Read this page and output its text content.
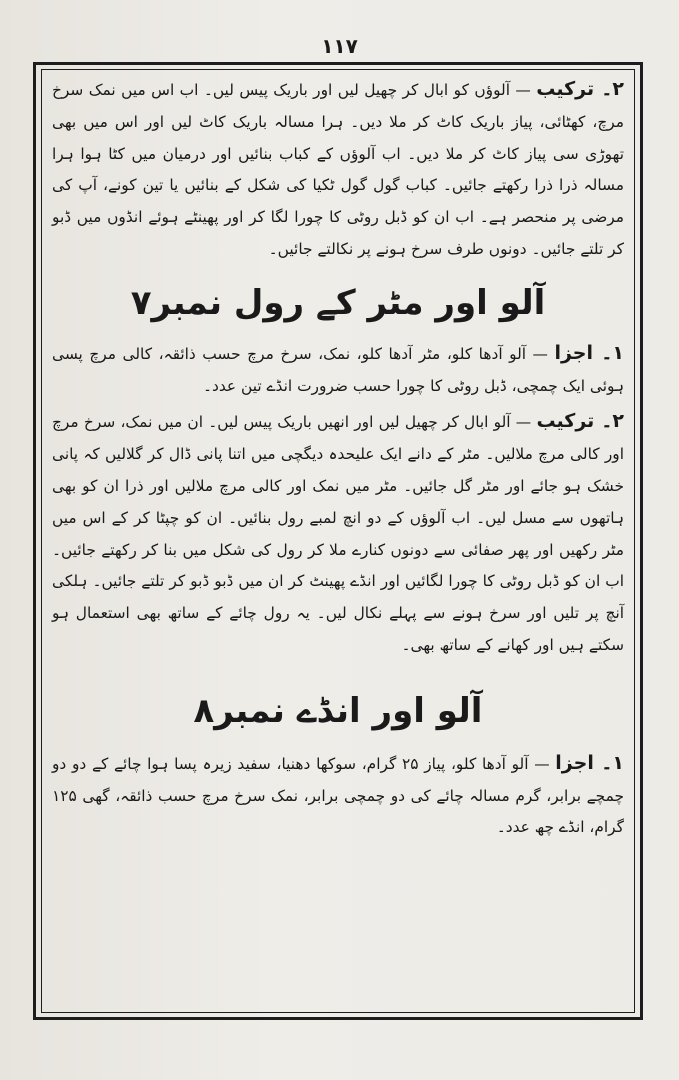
۱۱۷

۲۔ ترکیب — آلوؤں کو ابال کر چھیل لیں اور باریک پیس لیں۔ اب اس میں نمک سرخ مرچ، کھٹائی، پیاز باریک کاٹ کر ملا دیں۔ ہرا مسالہ باریک کاٹ لیں اور اس میں بھی تھوڑی سی پیاز کاٹ کر ملا دیں۔ اب آلوؤں کے کباب بنائیں اور درمیان میں کٹا ہوا ہرا مسالہ ذرا ذرا رکھتے جائیں۔ کباب گول گول ٹکیا کی شکل کے بنائیں یا تین کونے، آپ کی مرضی پر منحصر ہے۔ اب ان کو ڈبل روٹی کا چورا لگا کر اور پھینٹے ہوئے انڈوں میں ڈبو کر تلتے جائیں۔ دونوں طرف سرخ ہونے پر نکالتے جائیں۔

آلو اور مٹر کے رول نمبر۷

۱۔ اجزا — آلو آدھا کلو، مٹر آدھا کلو، نمک، سرخ مرچ حسب ذائقہ، کالی مرچ پسی ہوئی ایک چمچی، ڈبل روٹی کا چورا حسب ضرورت انڈے تین عدد۔

۲۔ ترکیب — آلو ابال کر چھیل لیں اور انھیں باریک پیس لیں۔ ان میں نمک، سرخ مرچ اور کالی مرچ ملالیں۔ مٹر کے دانے ایک علیحدہ دیگچی میں اتنا پانی ڈال کر گلالیں کہ پانی خشک ہو جائے اور مٹر گل جائیں۔ مٹر میں نمک اور کالی مرچ ملالیں اور ذرا ان کو بھی ہاتھوں سے مسل لیں۔ اب آلوؤں کے دو انچ لمبے رول بنائیں۔ ان کو چپٹا کر کے اس میں مٹر رکھیں اور پھر صفائی سے دونوں کنارے ملا کر رول کی شکل میں بنا کر رکھتے جائیں۔ اب ان کو ڈبل روٹی کا چورا لگائیں اور انڈے پھینٹ کر ان میں ڈبو ڈبو کر تلتے جائیں۔ ہلکی آنچ پر تلیں اور سرخ ہونے سے پہلے نکال لیں۔ یہ رول چائے کے ساتھ بھی استعمال ہو سکتے ہیں اور کھانے کے ساتھ بھی۔

آلو اور انڈے نمبر۸

۱۔ اجزا — آلو آدھا کلو، پیاز ۲۵ گرام، سوکھا دھنیا، سفید زیرہ پسا ہوا چائے کے دو دو چمچے برابر، گرم مسالہ چائے کی دو چمچی برابر، نمک سرخ مرچ حسب ذائقہ، گھی ۱۲۵ گرام، انڈے چھ عدد۔
